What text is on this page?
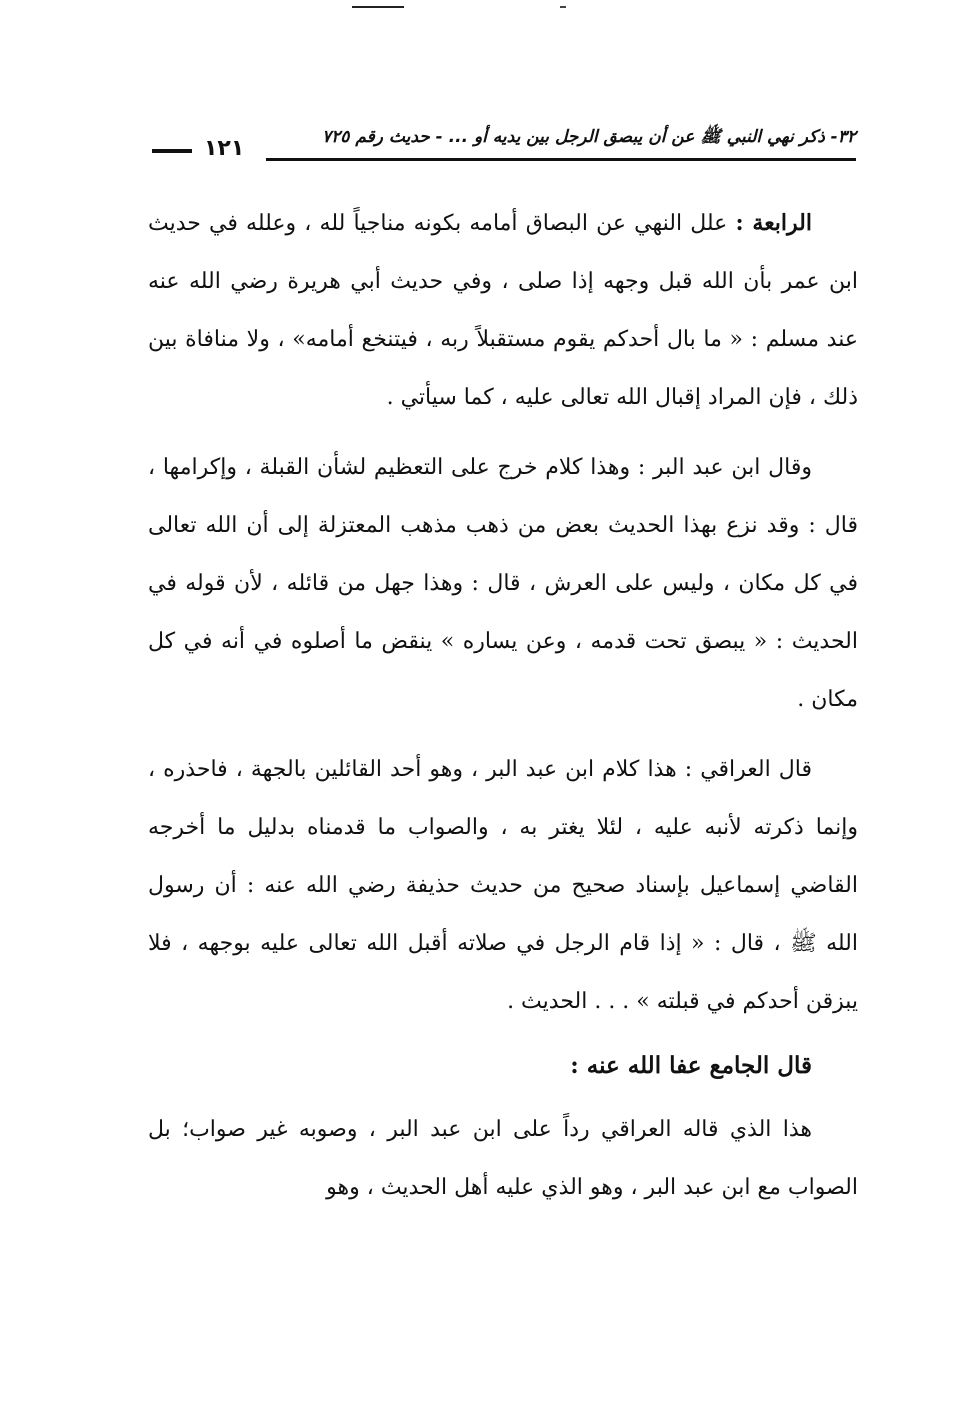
٣٢- ذكر نهي النبي ﷺ عن أن يبصق الرجل بين يديه أو ... - حديث رقم ٧٢٥
١٢١

الرابعة : علل النهي عن البصاق أمامه بكونه مناجياً لله ، وعلله في حديث ابن عمر بأن الله قبل وجهه إذا صلى ، وفي حديث أبي هريرة رضي الله عنه عند مسلم : « ما بال أحدكم يقوم مستقبلاً ربه ، فيتنخع أمامه» ، ولا منافاة بين ذلك ، فإن المراد إقبال الله تعالى عليه ، كما سيأتي .

وقال ابن عبد البر : وهذا كلام خرج على التعظيم لشأن القبلة ، وإكرامها ، قال : وقد نزع بهذا الحديث بعض من ذهب مذهب المعتزلة إلى أن الله تعالى في كل مكان ، وليس على العرش ، قال : وهذا جهل من قائله ، لأن قوله في الحديث : « يبصق تحت قدمه ، وعن يساره » ينقض ما أصلوه في أنه في كل مكان .

قال العراقي : هذا كلام ابن عبد البر ، وهو أحد القائلين بالجهة ، فاحذره ، وإنما ذكرته لأنبه عليه ، لئلا يغتر به ، والصواب ما قدمناه بدليل ما أخرجه القاضي إسماعيل بإسناد صحيح من حديث حذيفة رضي الله عنه : أن رسول الله ﷺ ، قال : « إذا قام الرجل في صلاته أقبل الله تعالى عليه بوجهه ، فلا يبزقن أحدكم في قبلته » . . . الحديث .

قال الجامع عفا الله عنه :

هذا الذي قاله العراقي رداً على ابن عبد البر ، وصوبه غير صواب؛ بل الصواب مع ابن عبد البر ، وهو الذي عليه أهل الحديث ، وهو
